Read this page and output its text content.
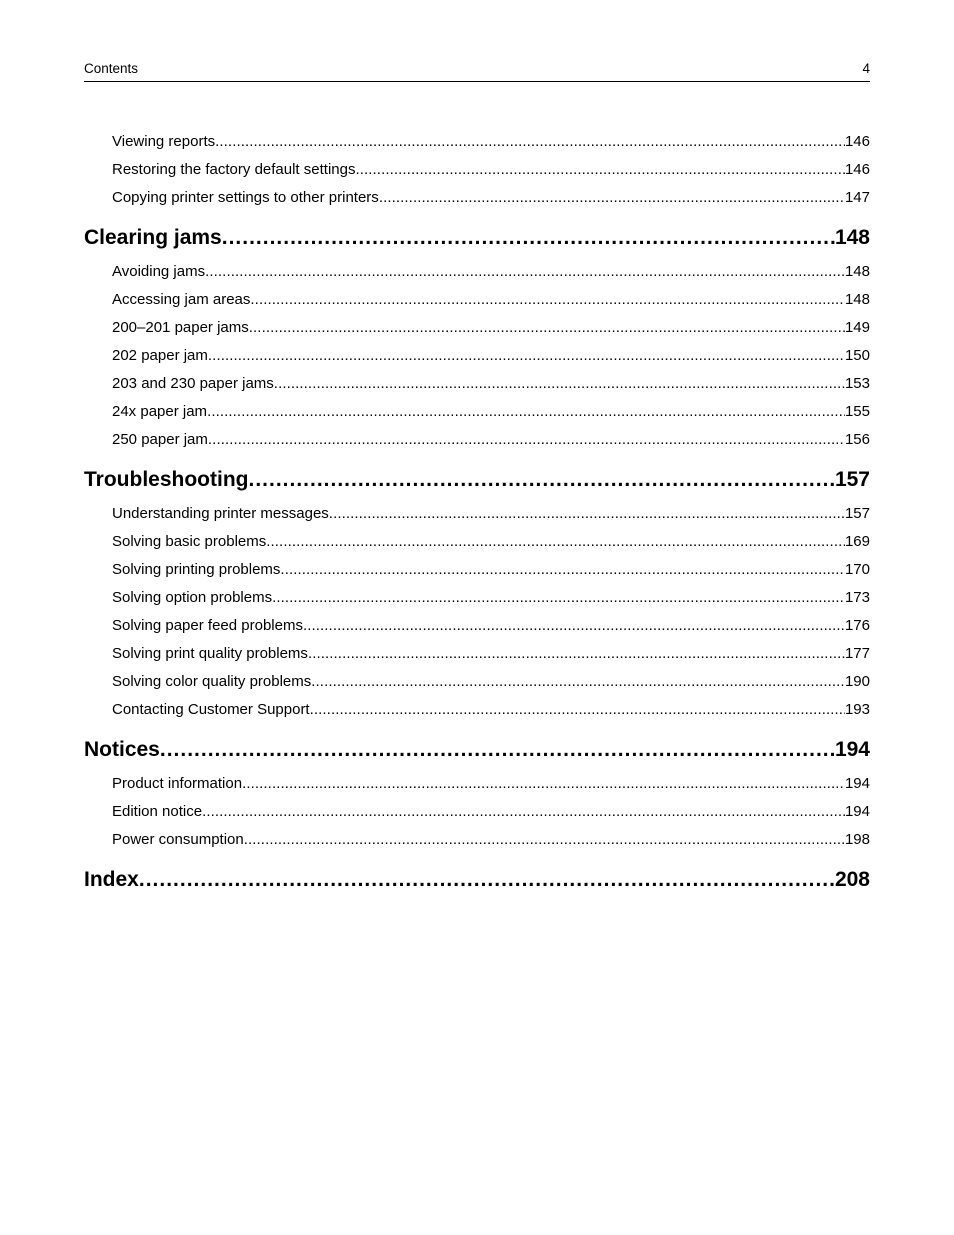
Contents	4
Viewing reports .....	146
Restoring the factory default settings .....	146
Copying printer settings to other printers .....	147
Clearing jams .....	148
Avoiding jams .....	148
Accessing jam areas .....	148
200–201 paper jams .....	149
202 paper jam .....	150
203 and 230 paper jams .....	153
24x paper jam .....	155
250 paper jam .....	156
Troubleshooting .....	157
Understanding printer messages .....	157
Solving basic problems .....	169
Solving printing problems .....	170
Solving option problems .....	173
Solving paper feed problems .....	176
Solving print quality problems .....	177
Solving color quality problems .....	190
Contacting Customer Support .....	193
Notices .....	194
Product information .....	194
Edition notice .....	194
Power consumption .....	198
Index .....	208
